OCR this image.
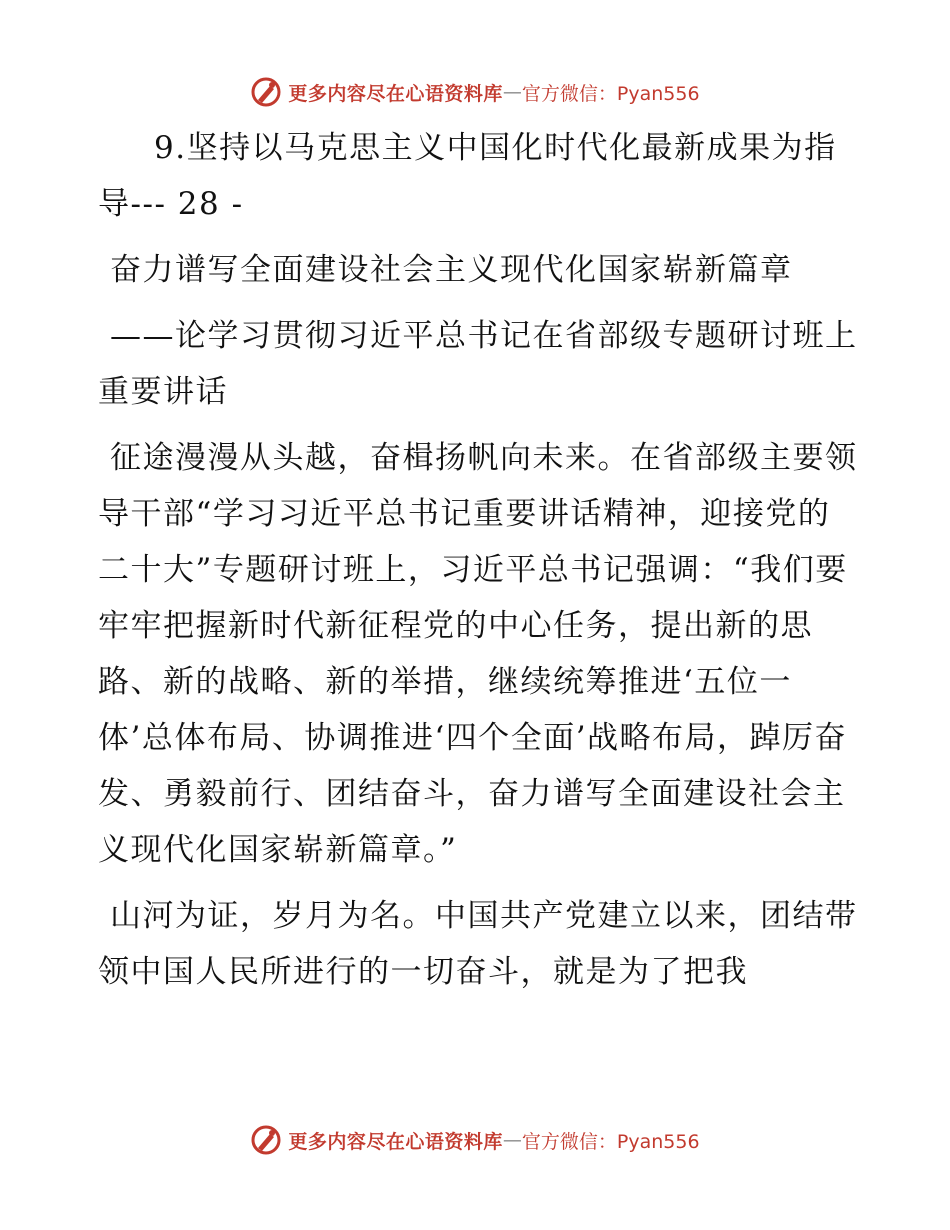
更多内容尽在心语资料库 — 官方微信：Pyan556

9.坚持以马克思主义中国化时代化最新成果为指导--- 28 -

奋力谱写全面建设社会主义现代化国家崭新篇章

——论学习贯彻习近平总书记在省部级专题研讨班上重要讲话

征途漫漫从头越，奋楫扬帆向未来。在省部级主要领导干部“学习习近平总书记重要讲话精神，迎接党的二十大”专题研讨班上，习近平总书记强调：“我们要牢牢把握新时代新征程党的中心任务，提出新的思路、新的战略、新的举措，继续统筹推进‘五位一体’总体布局、协调推进‘四个全面’战略布局，踔厉奋发、勇毅前行、团结奋斗，奋力谱写全面建设社会主义现代化国家崭新篇章。”

山河为证，岁月为名。中国共产党建立以来，团结带领中国人民所进行的一切奋斗，就是为了把我

更多内容尽在心语资料库 — 官方微信：Pyan556
